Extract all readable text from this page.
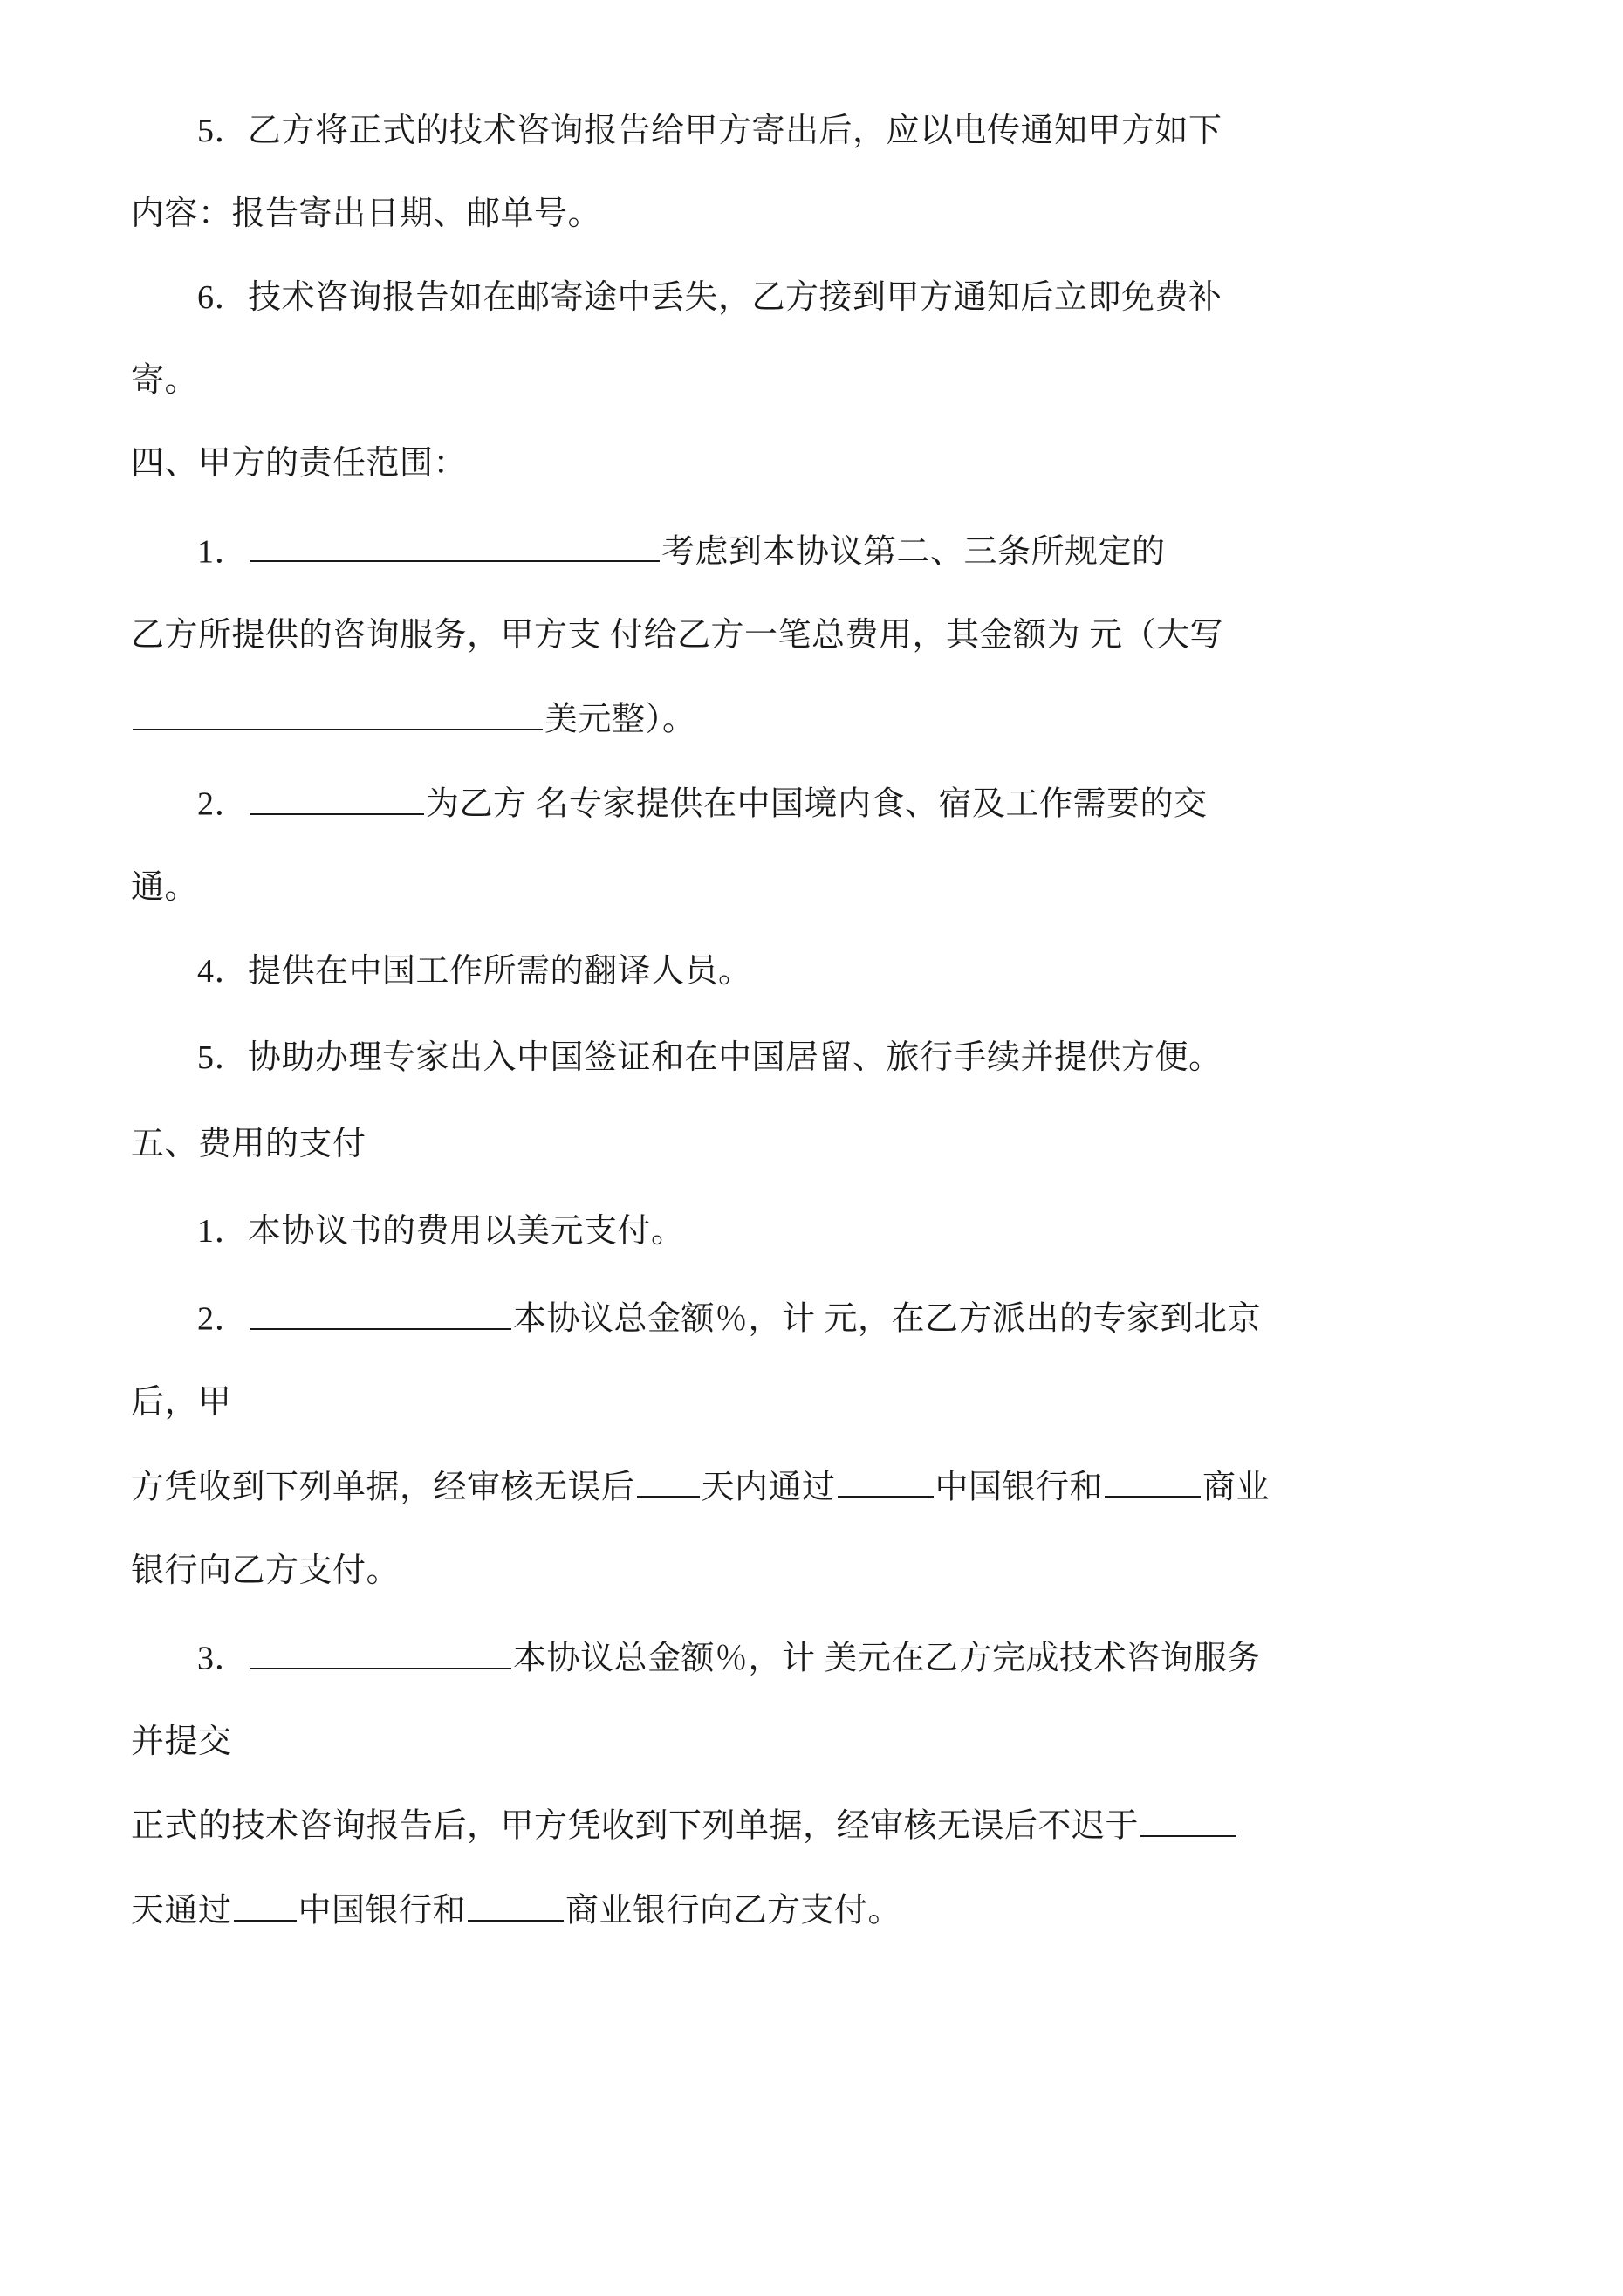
5．乙方将正式的技术咨询报告给甲方寄出后，应以电传通知甲方如下

内容：报告寄出日期、邮单号。

6．技术咨询报告如在邮寄途中丢失，乙方接到甲方通知后立即免费补

寄。

四、甲方的责任范围：

1．	考虑到本协议第二、三条所规定的

乙方所提供的咨询服务，甲方支 付给乙方一笔总费用，其金额为 元（大写

美元整）。

2．	为乙方 名专家提供在中国境内食、宿及工作需要的交

通。

4．提供在中国工作所需的翻译人员。

5．协助办理专家出入中国签证和在中国居留、旅行手续并提供方便。

五、费用的支付

1．本协议书的费用以美元支付。

2．	本协议总金额％，计 元，在乙方派出的专家到北京

后，甲

方凭收到下列单据，经审核无误后 天内通过	中国银行和	商业

银行向乙方支付。

3．	本协议总金额％，计 美元在乙方完成技术咨询服务

并提交

正式的技术咨询报告后，甲方凭收到下列单据，经审核无误后不迟于

天通过 中国银行和	商业银行向乙方支付。
